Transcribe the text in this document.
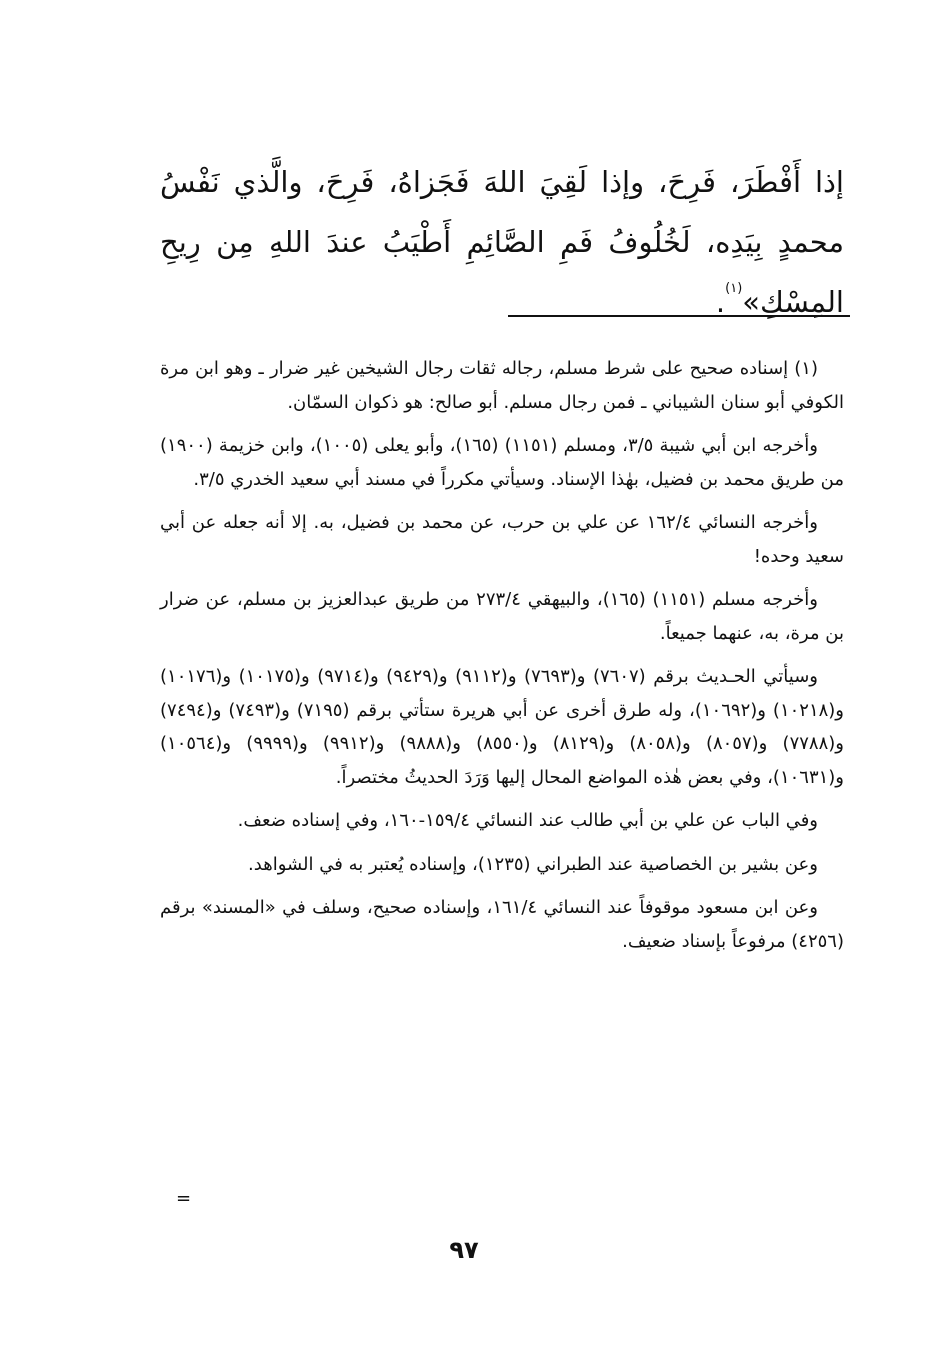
إذا أَفْطَرَ، فَرِحَ، وإذا لَقِيَ اللهَ فَجَزاهُ، فَرِحَ، والَّذي نَفْسُ محمدٍ بِيَدِه، لَخُلُوفُ فَمِ الصَّائِمِ أَطْيَبُ عندَ اللهِ مِن رِيحِ المِسْكِ»$^{(١)}$.

(١) إسناده صحيح على شرط مسلم، رجاله ثقات رجال الشيخين غير ضرار ـ وهو ابن مرة الكوفي أبو سنان الشيباني ـ فمن رجال مسلم. أبو صالح: هو ذكوان السمّان.

وأخرجه ابن أبي شيبة ٣/٥، ومسلم (١١٥١) (١٦٥)، وأبو يعلى (١٠٠٥)، وابن خزيمة (١٩٠٠) من طريق محمد بن فضيل، بهٰذا الإسناد. وسيأتي مكرراً في مسند أبي سعيد الخدري ٣/٥.

وأخرجه النسائي ١٦٢/٤ عن علي بن حرب، عن محمد بن فضيل، به. إلا أنه جعله عن أبي سعيد وحده!

وأخرجه مسلم (١١٥١) (١٦٥)، والبيهقي ٢٧٣/٤ من طريق عبدالعزيز بن مسلم، عن ضرار بن مرة، به، عنهما جميعاً.

وسيأتي الحـديث برقم (٧٦٠٧) و(٧٦٩٣) و(٩١١٢) و(٩٤٢٩) و(٩٧١٤) و(١٠١٧٥) و(١٠١٧٦) و(١٠٢١٨) و(١٠٦٩٢)، وله طرق أخرى عن أبي هريرة ستأتي برقم (٧١٩٥) و(٧٤٩٣) و(٧٤٩٤) و(٧٧٨٨) و(٨٠٥٧) و(٨٠٥٨) و(٨١٢٩) و(٨٥٥٠) و(٩٨٨٨) و(٩٩١٢) و(٩٩٩٩) و(١٠٥٦٤) و(١٠٦٣١)، وفي بعض هٰذه المواضع المحال إليها وَرَدَ الحديثُ مختصراً.

وفي الباب عن علي بن أبي طالب عند النسائي ١٥٩/٤-١٦٠، وفي إسناده ضعف.

وعن بشير بن الخصاصية عند الطبراني (١٢٣٥)، وإسناده يُعتبر به في الشواهد.

وعن ابن مسعود موقوفاً عند النسائي ١٦١/٤، وإسناده صحيح، وسلف في «المسند» برقم (٤٢٥٦) مرفوعاً بإسناد ضعيف.

=
٩٧
